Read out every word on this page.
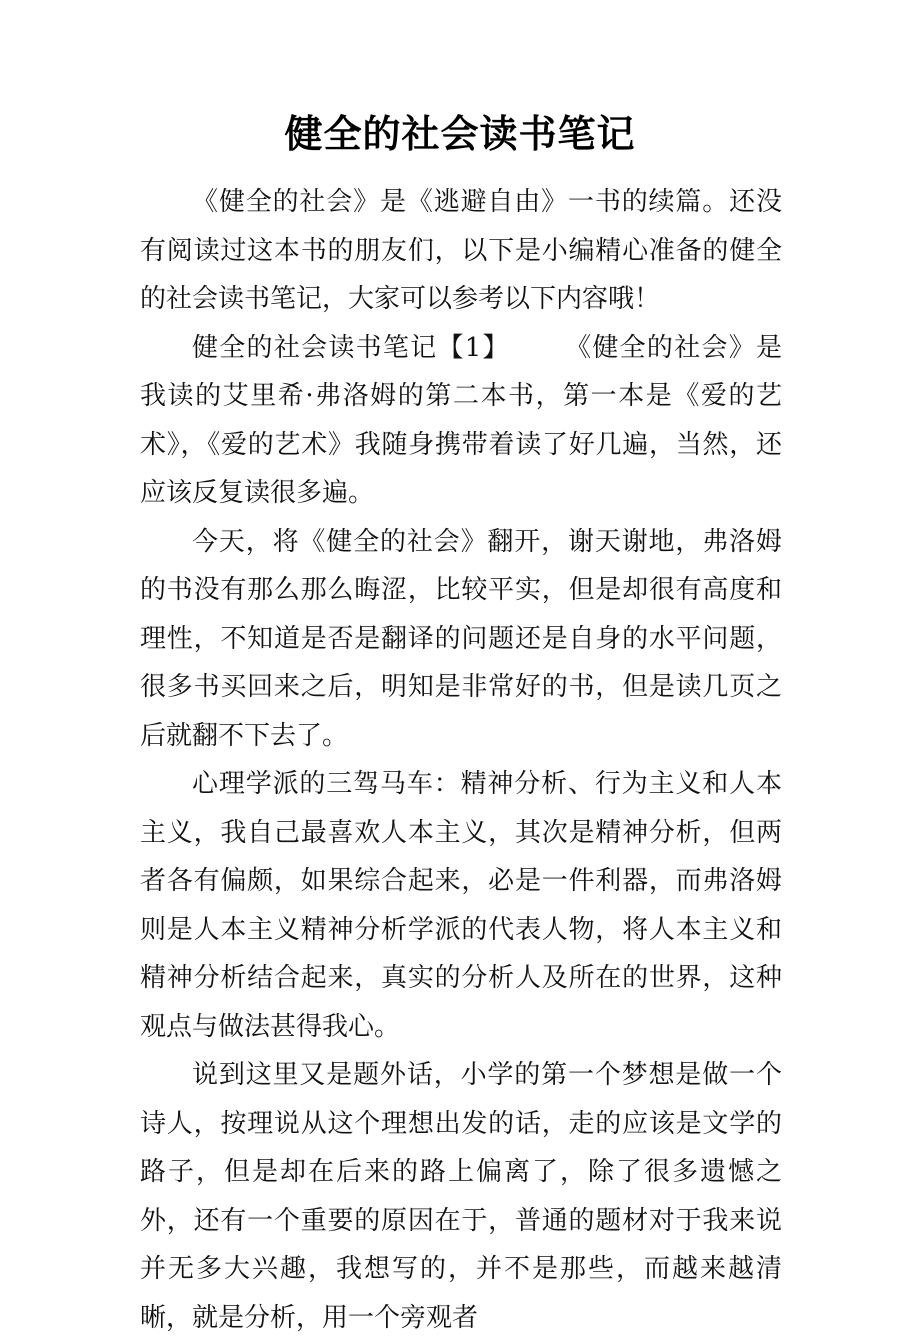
健全的社会读书笔记

《健全的社会》是《逃避自由》一书的续篇。还没有阅读过这本书的朋友们，以下是小编精心准备的健全的社会读书笔记，大家可以参考以下内容哦！

健全的社会读书笔记【1】 《健全的社会》是我读的艾里希·弗洛姆的第二本书，第一本是《爱的艺术》，《爱的艺术》我随身携带着读了好几遍，当然，还应该反复读很多遍。

今天，将《健全的社会》翻开，谢天谢地，弗洛姆的书没有那么那么晦涩，比较平实，但是却很有高度和理性，不知道是否是翻译的问题还是自身的水平问题，很多书买回来之后，明知是非常好的书，但是读几页之后就翻不下去了。

心理学派的三驾马车：精神分析、行为主义和人本主义，我自己最喜欢人本主义，其次是精神分析，但两者各有偏颇，如果综合起来，必是一件利器，而弗洛姆则是人本主义精神分析学派的代表人物，将人本主义和精神分析结合起来，真实的分析人及所在的世界，这种观点与做法甚得我心。

说到这里又是题外话，小学的第一个梦想是做一个诗人，按理说从这个理想出发的话，走的应该是文学的路子，但是却在后来的路上偏离了，除了很多遗憾之外，还有一个重要的原因在于，普通的题材对于我来说并无多大兴趣，我想写的，并不是那些，而越来越清晰，就是分析，用一个旁观者
